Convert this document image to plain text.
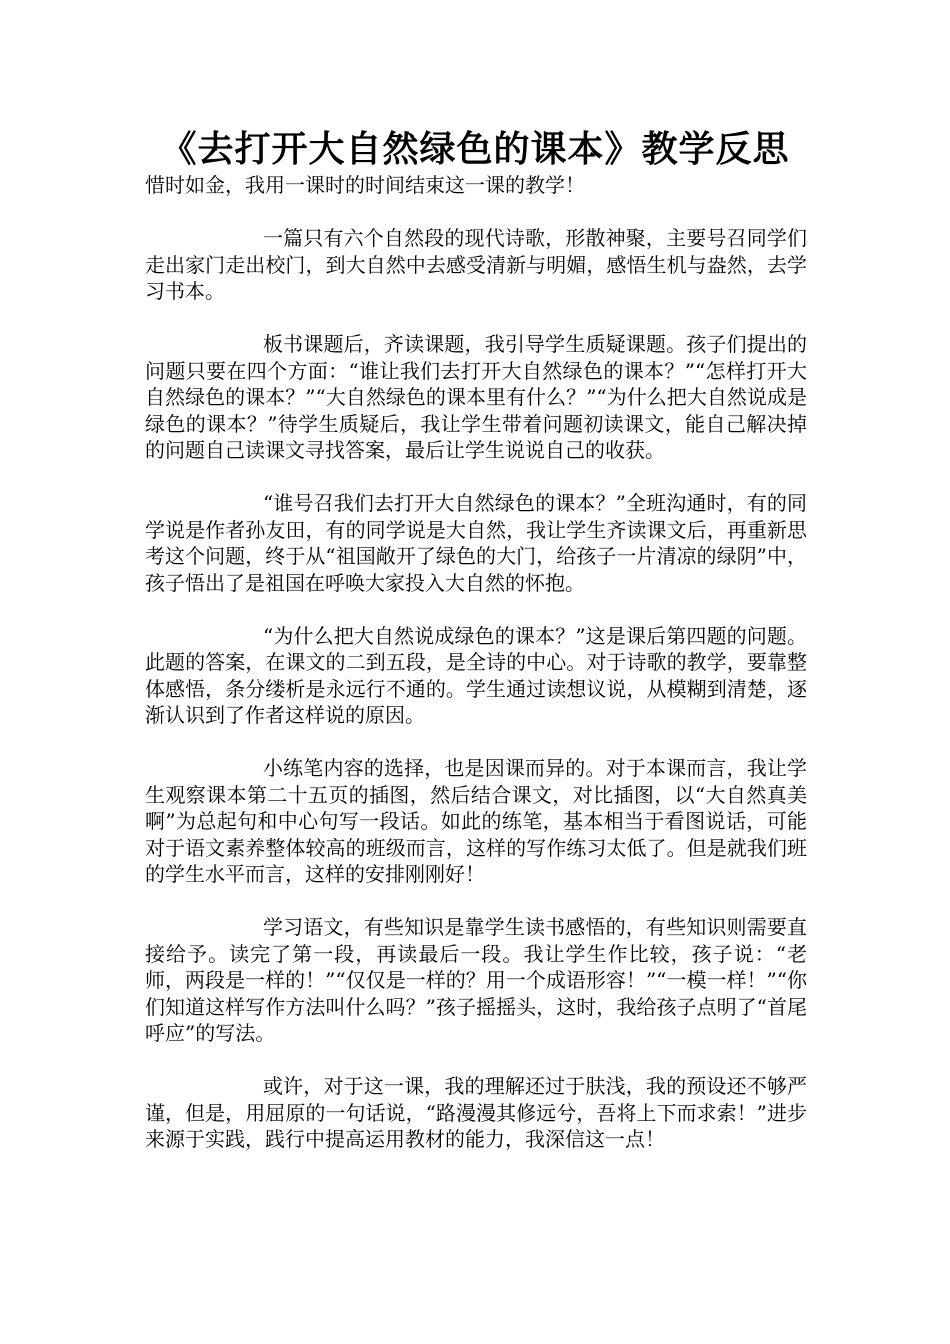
《去打开大自然绿色的课本》教学反思

惜时如金，我用一课时的时间结束这一课的教学！

一篇只有六个自然段的现代诗歌，形散神聚，主要号召同学们走出家门走出校门，到大自然中去感受清新与明媚，感悟生机与盎然，去学习书本。

板书课题后，齐读课题，我引导学生质疑课题。孩子们提出的问题只要在四个方面：“谁让我们去打开大自然绿色的课本？”“怎样打开大自然绿色的课本？”“大自然绿色的课本里有什么？”“为什么把大自然说成是绿色的课本？”待学生质疑后，我让学生带着问题初读课文，能自己解决掉的问题自己读课文寻找答案，最后让学生说说自己的收获。

“谁号召我们去打开大自然绿色的课本？”全班沟通时，有的同学说是作者孙友田，有的同学说是大自然，我让学生齐读课文后，再重新思考这个问题，终于从“祖国敞开了绿色的大门，给孩子一片清凉的绿阴”中，孩子悟出了是祖国在呼唤大家投入大自然的怀抱。

“为什么把大自然说成绿色的课本？”这是课后第四题的问题。此题的答案，在课文的二到五段，是全诗的中心。对于诗歌的教学，要靠整体感悟，条分缕析是永远行不通的。学生通过读想议说，从模糊到清楚，逐渐认识到了作者这样说的原因。

小练笔内容的选择，也是因课而异的。对于本课而言，我让学生观察课本第二十五页的插图，然后结合课文，对比插图，以“大自然真美啊”为总起句和中心句写一段话。如此的练笔，基本相当于看图说话，可能对于语文素养整体较高的班级而言，这样的写作练习太低了。但是就我们班的学生水平而言，这样的安排刚刚好！

学习语文，有些知识是靠学生读书感悟的，有些知识则需要直接给予。读完了第一段，再读最后一段。我让学生作比较，孩子说：“老师，两段是一样的！”“仅仅是一样的？用一个成语形容！”“一模一样！”“你们知道这样写作方法叫什么吗？”孩子摇摇头，这时，我给孩子点明了“首尾呼应”的写法。

或许，对于这一课，我的理解还过于肤浅，我的预设还不够严谨，但是，用屈原的一句话说，“路漫漫其修远兮，吾将上下而求索！”进步来源于实践，践行中提高运用教材的能力，我深信这一点！
